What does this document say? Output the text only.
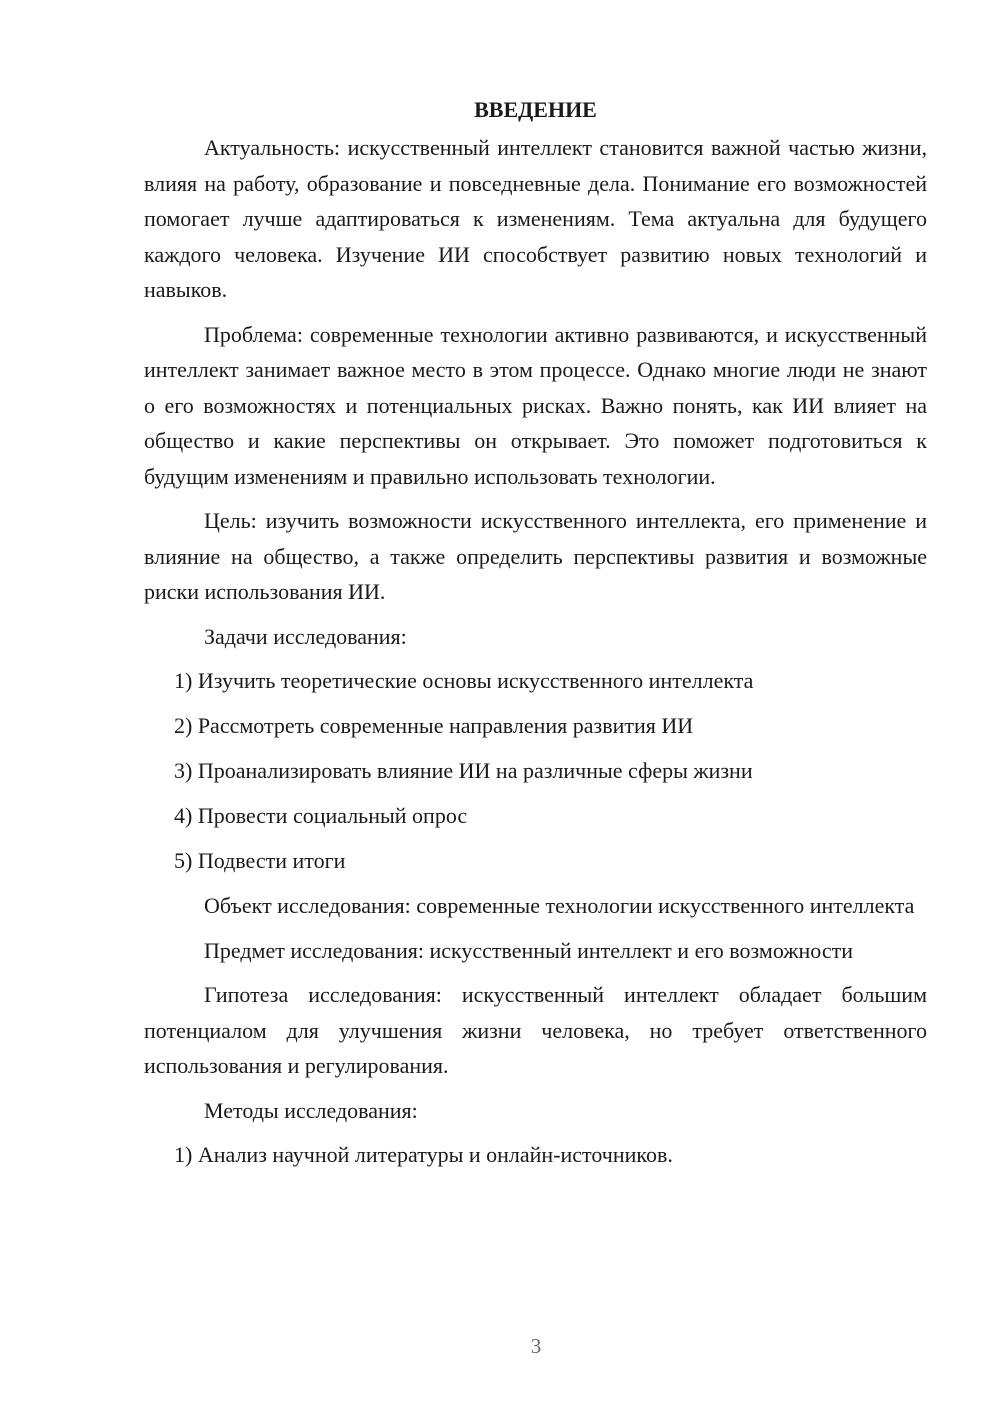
ВВЕДЕНИЕ

Актуальность: искусственный интеллект становится важной частью жизни, влияя на работу, образование и повседневные дела. Понимание его возможностей помогает лучше адаптироваться к изменениям. Тема актуальна для будущего каждого человека. Изучение ИИ способствует развитию новых технологий и навыков.

Проблема: современные технологии активно развиваются, и искусственный интеллект занимает важное место в этом процессе. Однако многие люди не знают о его возможностях и потенциальных рисках. Важно понять, как ИИ влияет на общество и какие перспективы он открывает. Это поможет подготовиться к будущим изменениям и правильно использовать технологии.

Цель: изучить возможности искусственного интеллекта, его применение и влияние на общество, а также определить перспективы развития и возможные риски использования ИИ.

Задачи исследования:

1) Изучить теоретические основы искусственного интеллекта
2) Рассмотреть современные направления развития ИИ
3) Проанализировать влияние ИИ на различные сферы жизни
4) Провести социальный опрос
5) Подвести итоги

Объект исследования: современные технологии искусственного интеллекта

Предмет исследования: искусственный интеллект и его возможности

Гипотеза исследования: искусственный интеллект обладает большим потенциалом для улучшения жизни человека, но требует ответственного использования и регулирования.

Методы исследования:

1) Анализ научной литературы и онлайн-источников.
3
